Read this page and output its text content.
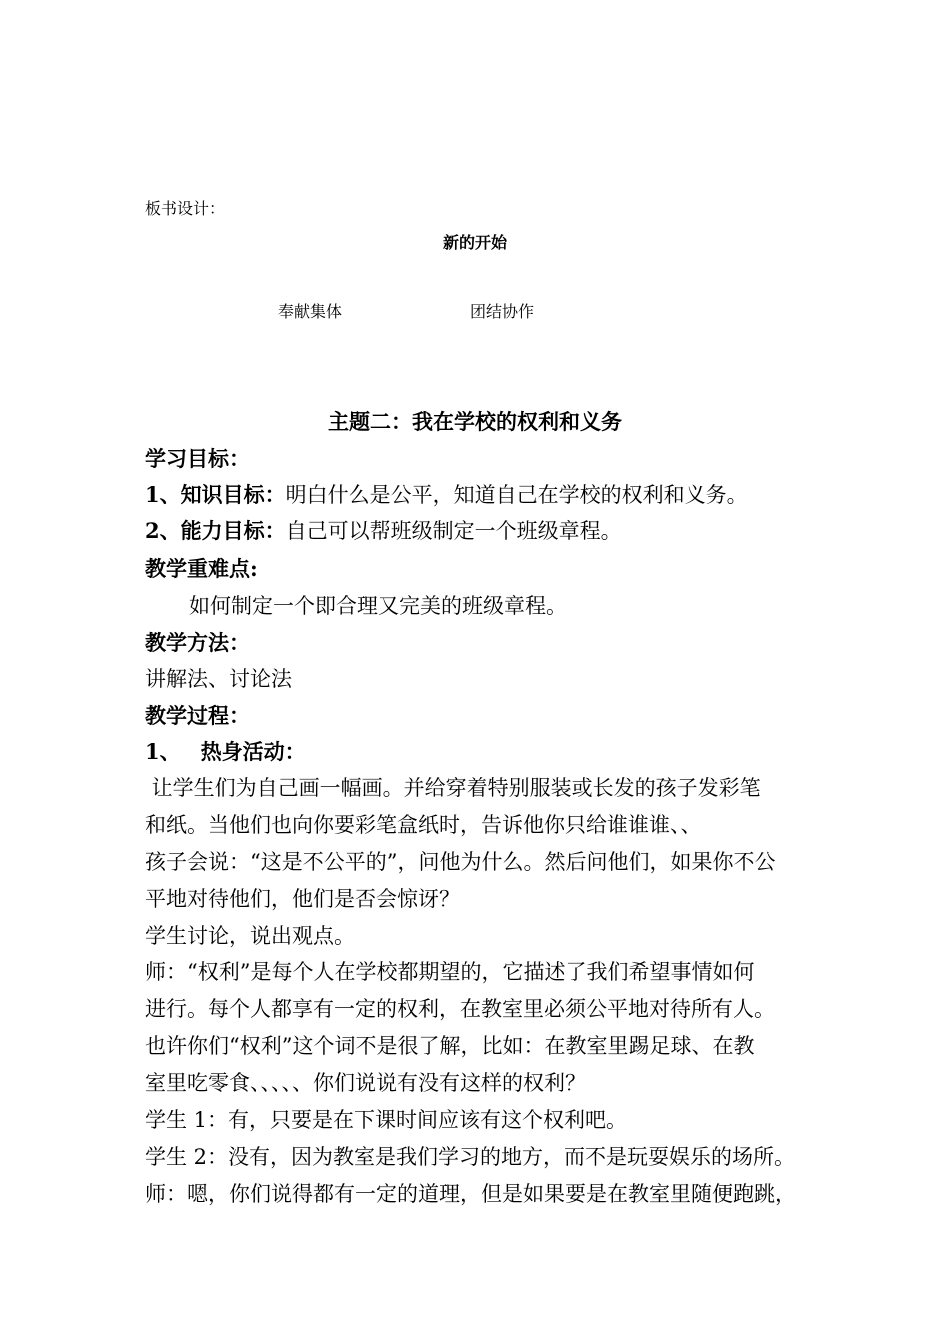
板书设计：
新的开始
奉献集体	团结协作
主题二：我在学校的权利和义务
学习目标：
1、知识目标：明白什么是公平，知道自己在学校的权利和义务。
2、能力目标：自己可以帮班级制定一个班级章程。
教学重难点:
如何制定一个即合理又完美的班级章程。
教学方法：
讲解法、讨论法
教学过程：
1、 热身活动：
让学生们为自己画一幅画。并给穿着特别服装或长发的孩子发彩笔
和纸。当他们也向你要彩笔盒纸时，告诉他你只给谁谁谁、、
孩子会说：“这是不公平的”，问他为什么。然后问他们，如果你不公
平地对待他们，他们是否会惊讶？
学生讨论，说出观点。
师：“权利”是每个人在学校都期望的，它描述了我们希望事情如何
进行。每个人都享有一定的权利，在教室里必须公平地对待所有人。
也许你们“权利”这个词不是很了解，比如：在教室里踢足球、在教
室里吃零食、、、、、你们说说有没有这样的权利？
学生 1：有，只要是在下课时间应该有这个权利吧。
学生 2：没有，因为教室是我们学习的地方，而不是玩耍娱乐的场所。
师：嗯，你们说得都有一定的道理，但是如果要是在教室里随便跑跳，
